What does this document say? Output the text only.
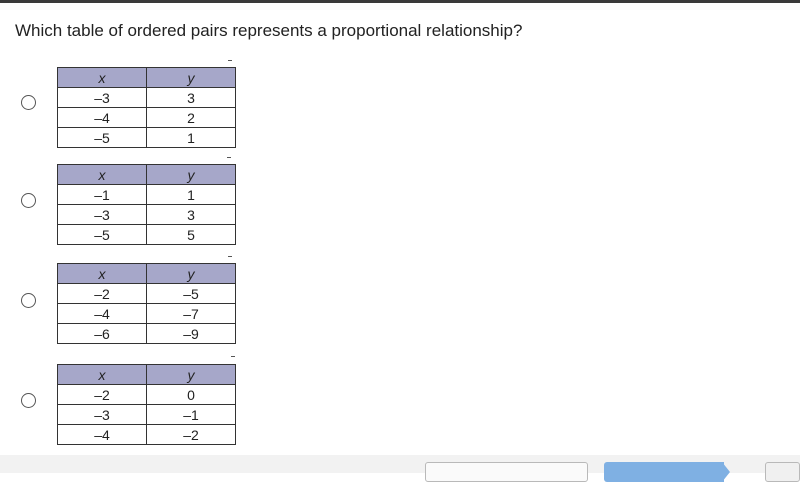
Which table of ordered pairs represents a proportional relationship?
x	y
–3	3
–4	2
–5	1
x	y
–1	1
–3	3
–5	5
x	y
–2	–5
–4	–7
–6	–9
x	y
–2	0
–3	–1
–4	–2
